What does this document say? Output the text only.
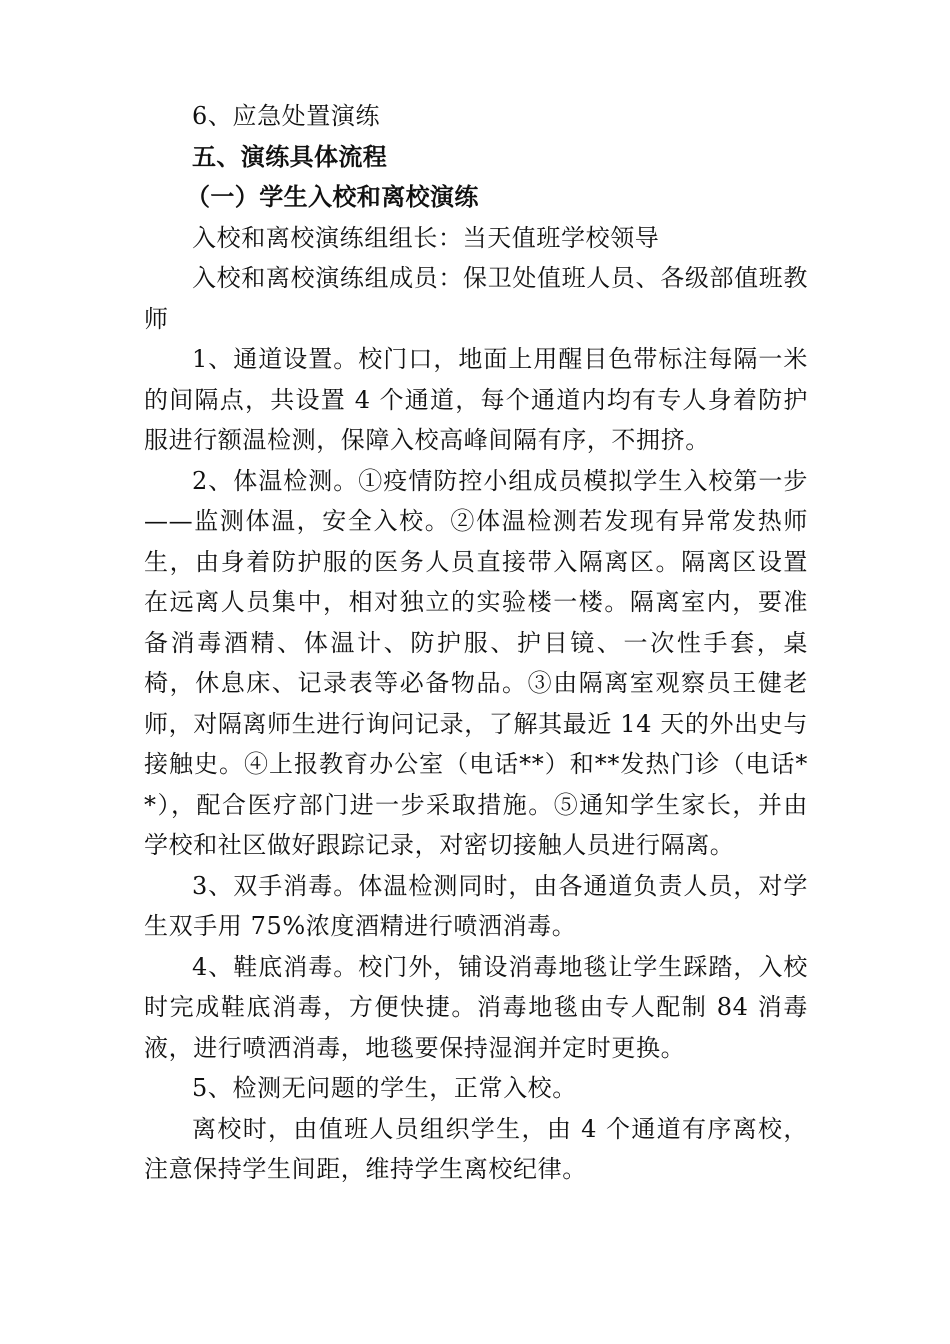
6、应急处置演练

五、演练具体流程

（一）学生入校和离校演练

入校和离校演练组组长：当天值班学校领导

入校和离校演练组成员：保卫处值班人员、各级部值班教师

1、通道设置。校门口，地面上用醒目色带标注每隔一米的间隔点，共设置 4 个通道，每个通道内均有专人身着防护服进行额温检测，保障入校高峰间隔有序，不拥挤。

2、体温检测。①疫情防控小组成员模拟学生入校第一步——监测体温，安全入校。②体温检测若发现有异常发热师生，由身着防护服的医务人员直接带入隔离区。隔离区设置在远离人员集中，相对独立的实验楼一楼。隔离室内，要准备消毒酒精、体温计、防护服、护目镜、一次性手套，桌椅，休息床、记录表等必备物品。③由隔离室观察员王健老师，对隔离师生进行询问记录，了解其最近 14 天的外出史与接触史。④上报教育办公室（电话**）和**发热门诊（电话**），配合医疗部门进一步采取措施。⑤通知学生家长，并由学校和社区做好跟踪记录，对密切接触人员进行隔离。

3、双手消毒。体温检测同时，由各通道负责人员，对学生双手用 75%浓度酒精进行喷洒消毒。

4、鞋底消毒。校门外，铺设消毒地毯让学生踩踏，入校时完成鞋底消毒，方便快捷。消毒地毯由专人配制 84 消毒液，进行喷洒消毒，地毯要保持湿润并定时更换。

5、检测无问题的学生，正常入校。

离校时，由值班人员组织学生，由 4 个通道有序离校，注意保持学生间距，维持学生离校纪律。
